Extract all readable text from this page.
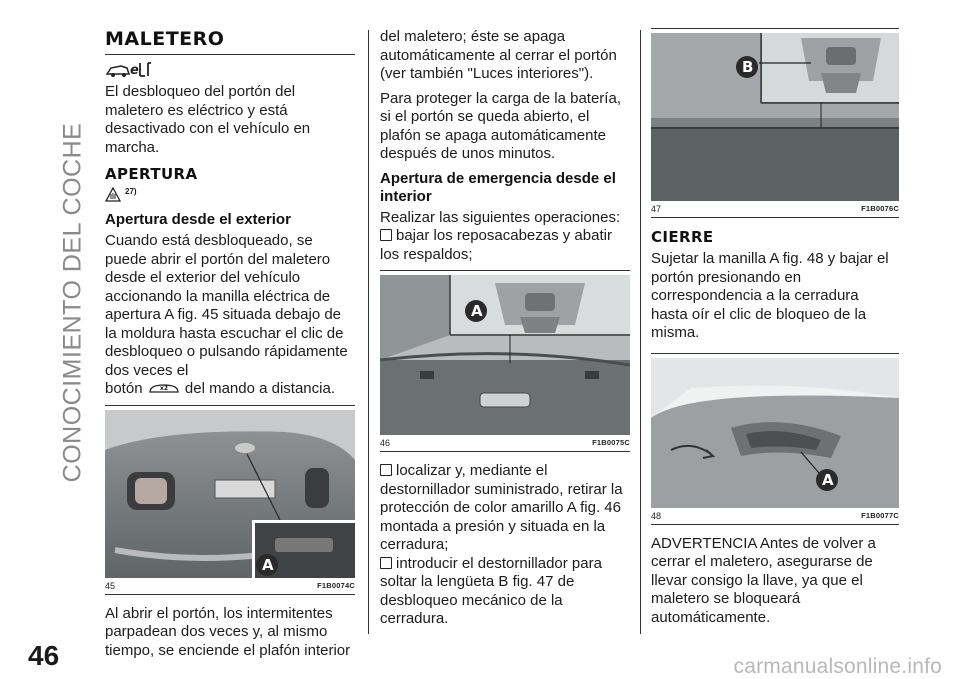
CONOCIMIENTO DEL COCHE
46	carmanualsonline.info
MALETERO
e

El desbloqueo del portón del maletero es eléctrico y está desactivado con el vehículo en marcha.

APERTURA
27)
Apertura desde el exterior

Cuando está desbloqueado, se puede abrir el portón del maletero desde el exterior del vehículo accionando la manilla eléctrica de apertura A fig. 45 situada debajo de la moldura hasta escuchar el clic de desbloqueo o pulsando rápidamente dos veces el

botón	x2 del mando a distancia.

A
45	F1B0074C

Al abrir el portón, los intermitentes parpadean dos veces y, al mismo tiempo, se enciende el plafón interior

del maletero; éste se apaga automáticamente al cerrar el portón (ver también "Luces interiores").

Para proteger la carga de la batería, si el portón se queda abierto, el plafón se apaga automáticamente después de unos minutos.

Apertura de emergencia desde el interior

Realizar las siguientes operaciones:

bajar los reposacabezas y abatir los respaldos;

A
46	F1B0075C

localizar y, mediante el destornillador suministrado, retirar la protección de color amarillo A fig. 46 montada a presión y situada en la cerradura;

introducir el destornillador para soltar la lengüeta B fig. 47 de desbloqueo mecánico de la cerradura.

B
47	F1B0076C
CIERRE

Sujetar la manilla A fig. 48 y bajar el portón presionando en correspondencia a la cerradura hasta oír el clic de bloqueo de la misma.

A
48	F1B0077C

ADVERTENCIA Antes de volver a cerrar el maletero, asegurarse de llevar consigo la llave, ya que el maletero se bloqueará automáticamente.
